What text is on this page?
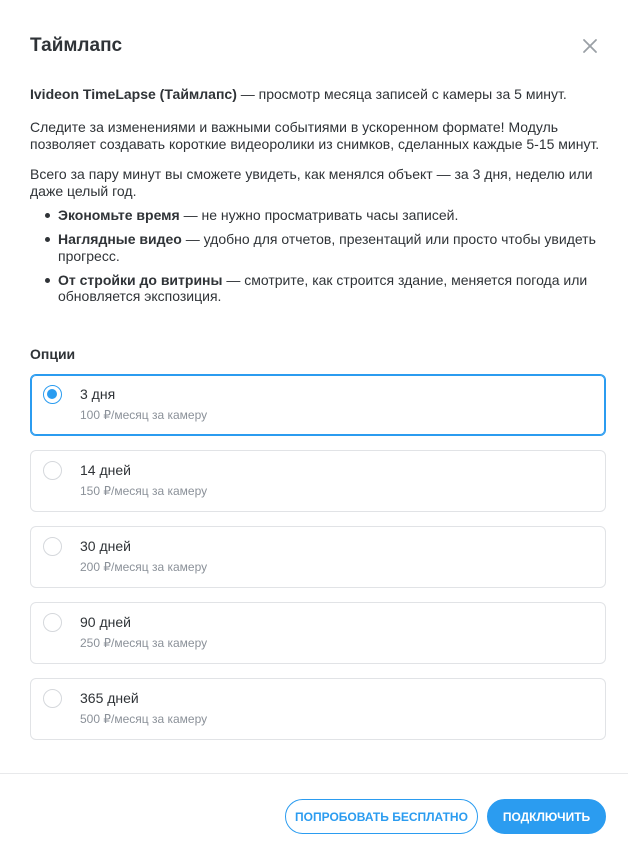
Таймлапс

Ivideon TimeLapse (Таймлапс) — просмотр месяца записей с камеры за 5 минут.

Следите за изменениями и важными событиями в ускоренном формате! Модуль позволяет создавать короткие видеоролики из снимков, сделанных каждые 5-15 минут.

Всего за пару минут вы сможете увидеть, как менялся объект — за 3 дня, неделю или даже целый год.

Экономьте время — не нужно просматривать часы записей.
Наглядные видео — удобно для отчетов, презентаций или просто чтобы увидеть прогресс.
От стройки до витрины — смотрите, как строится здание, меняется погода или обновляется экспозиция.
Опции
3 дня
100 ₽/месяц за камеру
14 дней
150 ₽/месяц за камеру
30 дней
200 ₽/месяц за камеру
90 дней
250 ₽/месяц за камеру
365 дней
500 ₽/месяц за камеру
ПОПРОБОВАТЬ БЕСПЛАТНО	ПОДКЛЮЧИТЬ
